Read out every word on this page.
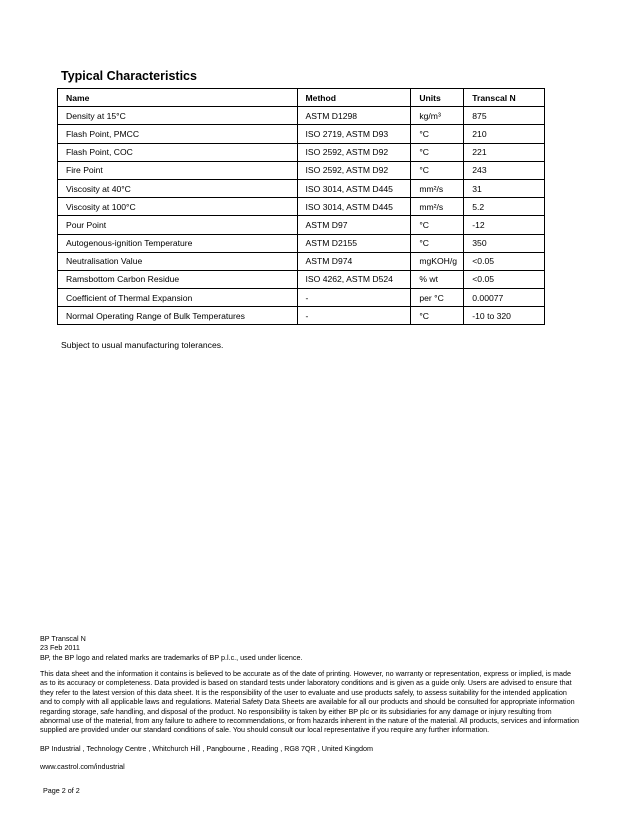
Typical Characteristics
Name	Method	Units	Transcal N
Density at 15°C	ASTM D1298	kg/m³	875
Flash Point, PMCC	ISO 2719, ASTM D93	°C	210
Flash Point, COC	ISO 2592, ASTM D92	°C	221
Fire Point	ISO 2592, ASTM D92	°C	243
Viscosity at 40°C	ISO 3014, ASTM D445	mm²/s	31
Viscosity at 100°C	ISO 3014, ASTM D445	mm²/s	5.2
Pour Point	ASTM D97	°C	-12
Autogenous-ignition Temperature	ASTM D2155	°C	350
Neutralisation Value	ASTM D974	mgKOH/g	<0.05
Ramsbottom Carbon Residue	ISO 4262, ASTM D524	% wt	<0.05
Coefficient of Thermal Expansion	-	per °C	0.00077
Normal Operating Range of Bulk Temperatures	-	°C	-10 to 320
Subject to usual manufacturing tolerances.
BP Transcal N
23 Feb 2011
BP, the BP logo and related marks are trademarks of BP p.l.c., used under licence.
This data sheet and the information it contains is believed to be accurate as of the date of printing. However, no warranty or representation, express or implied, is made as to its accuracy or completeness. Data provided is based on standard tests under laboratory conditions and is given as a guide only. Users are advised to ensure that they refer to the latest version of this data sheet. It is the responsibility of the user to evaluate and use products safely, to assess suitability for the intended application and to comply with all applicable laws and regulations. Material Safety Data Sheets are available for all our products and should be consulted for appropriate information regarding storage, safe handling, and disposal of the product. No responsibility is taken by either BP plc or its subsidiaries for any damage or injury resulting from abnormal use of the material, from any failure to adhere to recommendations, or from hazards inherent in the nature of the material. All products, services and information supplied are provided under our standard conditions of sale. You should consult our local representative if you require any further information.
BP Industrial , Technology Centre , Whitchurch Hill , Pangbourne , Reading , RG8 7QR , United Kingdom
www.castrol.com/industrial
Page 2 of 2
